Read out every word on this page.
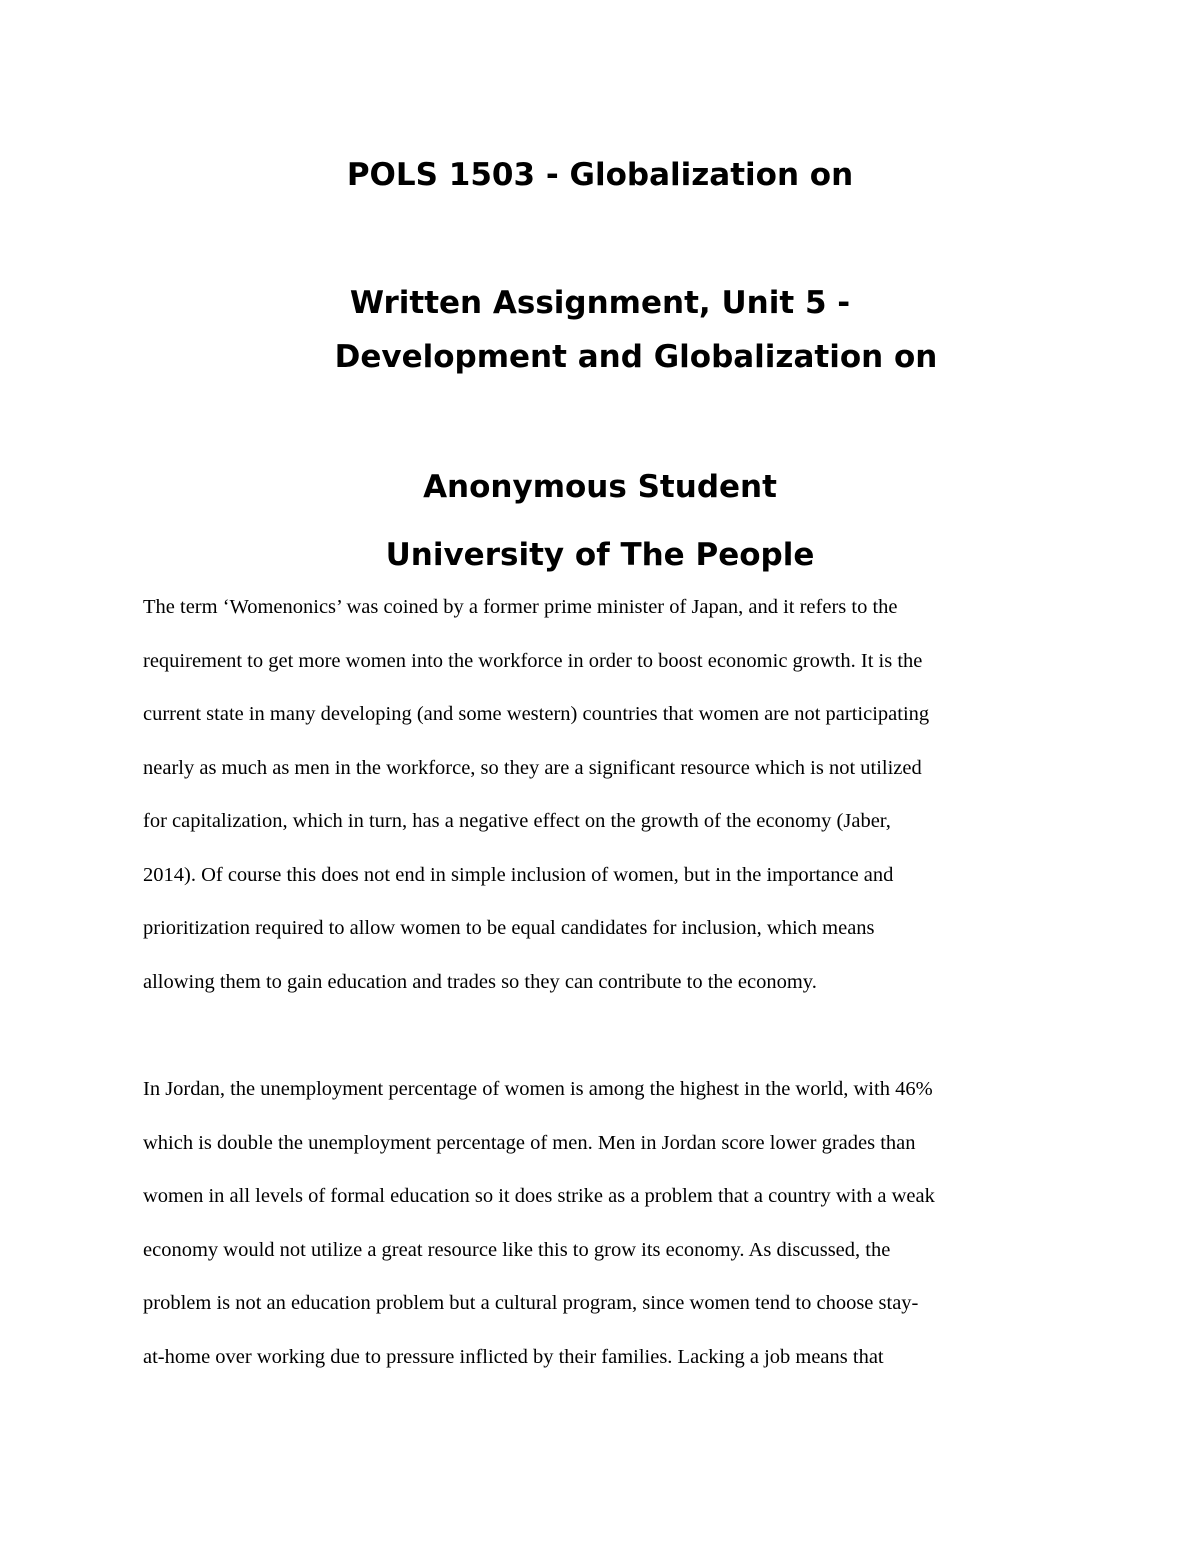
POLS 1503 - Globalization on
Written Assignment, Unit 5 -
Development and Globalization on
Anonymous Student
University of The People
The term ‘Womenonics’ was coined by a former prime minister of Japan, and it refers to the
requirement to get more women into the workforce in order to boost economic growth. It is the
current state in many developing (and some western) countries that women are not participating
nearly as much as men in the workforce, so they are a significant resource which is not utilized
for capitalization, which in turn, has a negative effect on the growth of the economy (Jaber,
2014). Of course this does not end in simple inclusion of women, but in the importance and
prioritization required to allow women to be equal candidates for inclusion, which means
allowing them to gain education and trades so they can contribute to the economy.
In Jordan, the unemployment percentage of women is among the highest in the world, with 46%
which is double the unemployment percentage of men. Men in Jordan score lower grades than
women in all levels of formal education so it does strike as a problem that a country with a weak
economy would not utilize a great resource like this to grow its economy. As discussed, the
problem is not an education problem but a cultural program, since women tend to choose stay-
at-home over working due to pressure inflicted by their families. Lacking a job means that
